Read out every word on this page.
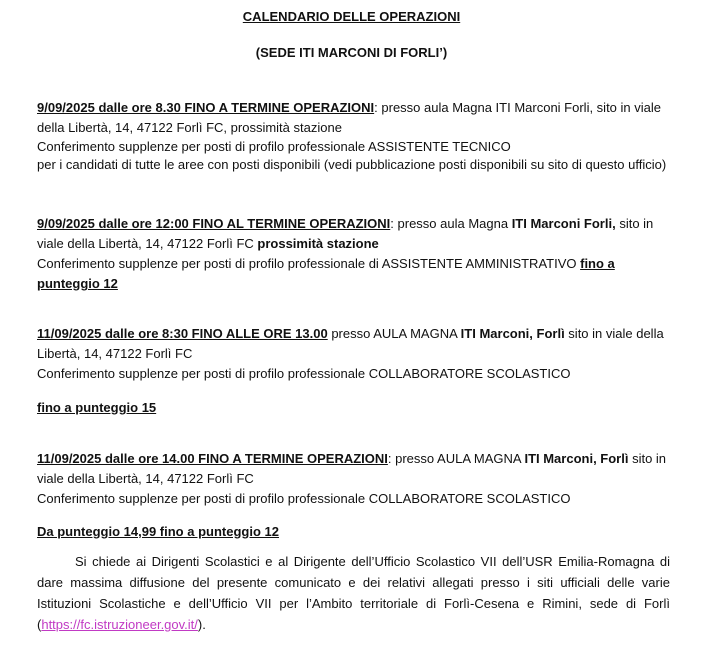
CALENDARIO DELLE OPERAZIONI
(SEDE ITI MARCONI DI FORLI’)
9/09/2025 dalle ore 8.30 FINO A TERMINE OPERAZIONI: presso aula Magna ITI Marconi Forli, sito in viale della Libertà, 14, 47122 Forlì FC, prossimità stazione
Conferimento supplenze per posti di profilo professionale ASSISTENTE TECNICO
per i candidati di tutte le aree con posti disponibili (vedi pubblicazione posti disponibili su sito di questo ufficio)
9/09/2025 dalle ore 12:00 FINO AL TERMINE OPERAZIONI: presso aula Magna ITI Marconi Forli, sito in viale della Libertà, 14, 47122 Forlì FC prossimità stazione
Conferimento supplenze per posti di profilo professionale di ASSISTENTE AMMINISTRATIVO fino a punteggio 12
11/09/2025 dalle ore 8:30 FINO ALLE ORE 13.00 presso AULA MAGNA ITI Marconi, Forlì sito in viale della Libertà, 14, 47122 Forlì FC
Conferimento supplenze per posti di profilo professionale COLLABORATORE SCOLASTICO
fino a punteggio 15
11/09/2025 dalle ore 14.00 FINO A TERMINE OPERAZIONI: presso AULA MAGNA ITI Marconi, Forlì sito in viale della Libertà, 14, 47122 Forlì FC
Conferimento supplenze per posti di profilo professionale COLLABORATORE SCOLASTICO
Da punteggio 14,99 fino a punteggio 12
Si chiede ai Dirigenti Scolastici e al Dirigente dell’Ufficio Scolastico VII dell’USR Emilia-Romagna di dare massima diffusione del presente comunicato e dei relativi allegati presso i siti ufficiali delle varie Istituzioni Scolastiche e dell’Ufficio VII per l’Ambito territoriale di Forlì-Cesena e Rimini, sede di Forlì (https://fc.istruzioneer.gov.it/).
